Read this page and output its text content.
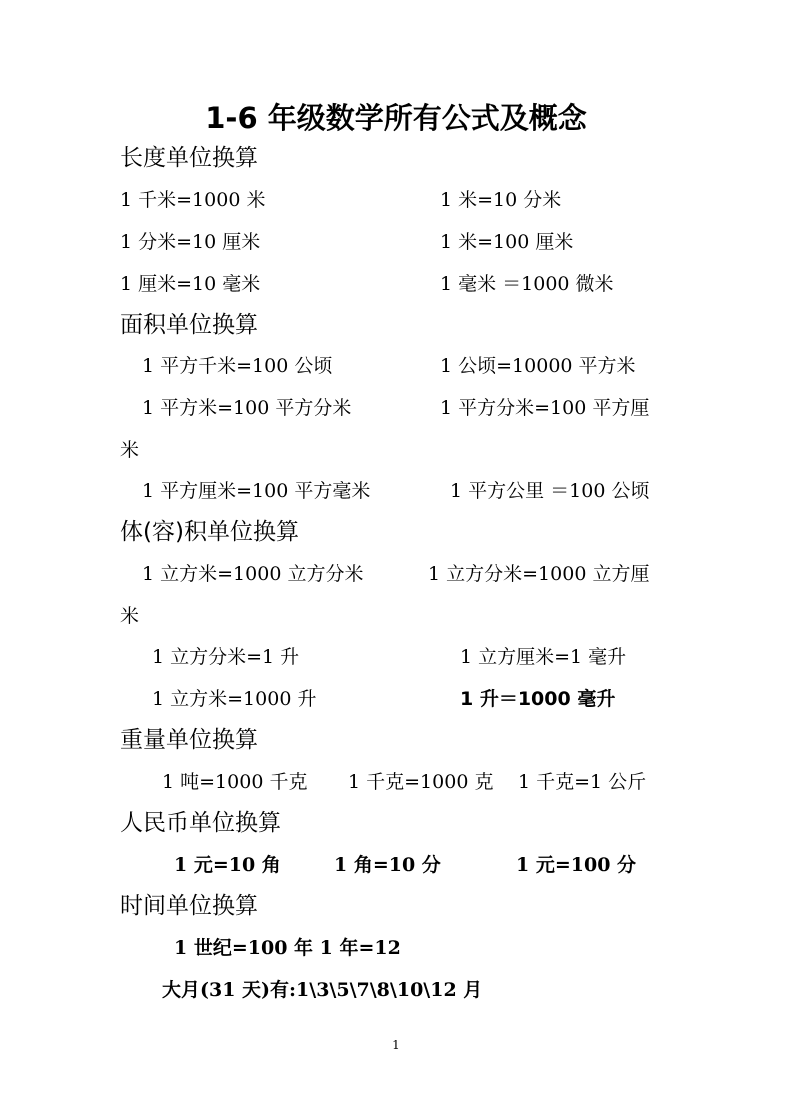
1-6 年级数学所有公式及概念
长度单位换算
1 千米=1000 米	1 米=10 分米
1 分米=10 厘米	1 米=100 厘米
1 厘米=10 毫米	1 毫米 ＝1000 微米
面积单位换算
1 平方千米=100 公顷	1 公顷=10000 平方米
1 平方米=100 平方分米	1 平方分米=100 平方厘
米
1 平方厘米=100 平方毫米	1 平方公里 ＝100 公顷
体(容)积单位换算
1 立方米=1000 立方分米	1 立方分米=1000 立方厘
米
1 立方分米=1 升	1 立方厘米=1 毫升
1 立方米=1000 升	1 升＝1000 毫升
重量单位换算
1 吨=1000 千克 1 千克=1000 克 1 千克=1 公斤
人民币单位换算
1 元=10 角	1 角=10 分	1 元=100 分
时间单位换算
1 世纪=100 年 1 年=12
大月(31 天)有:1\3\5\7\8\10\12 月
1
